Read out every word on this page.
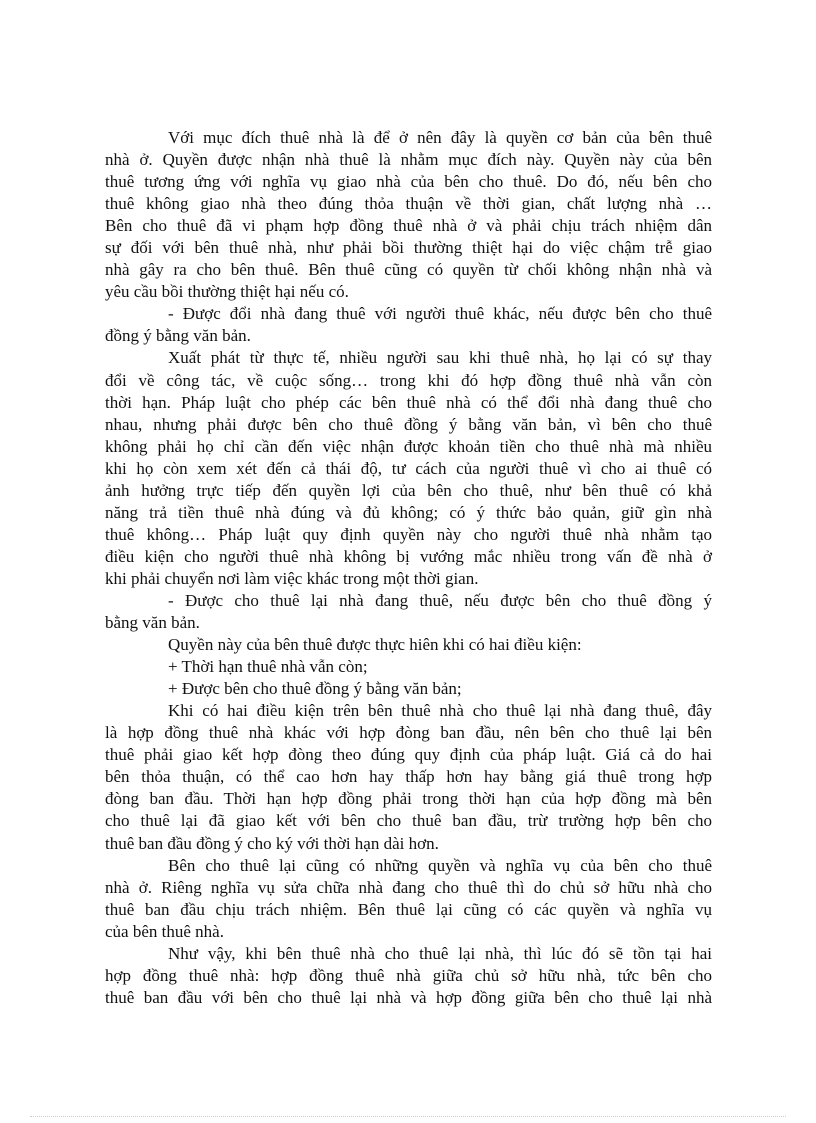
Với mục đích thuê nhà là để ở nên đây là quyền cơ bản của bên thuê
nhà ở. Quyền được nhận nhà thuê là nhằm mục đích này. Quyền này của bên
thuê tương ứng với nghĩa vụ giao nhà của bên cho thuê. Do đó, nếu bên cho
thuê không giao nhà theo đúng thỏa thuận về thời gian, chất lượng nhà …
Bên cho thuê đã vi phạm hợp đồng thuê nhà ở và phải chịu trách nhiệm dân
sự đối với bên thuê nhà, như phải bồi thường thiệt hại do việc chậm trễ giao
nhà gây ra cho bên thuê. Bên thuê cũng có quyền từ chối không nhận nhà và
yêu cầu bồi thường thiệt hại nếu có.
- Được đổi nhà đang thuê với người thuê khác, nếu được bên cho thuê
đồng ý bằng văn bản.
Xuất phát từ thực tế, nhiều người sau khi thuê nhà, họ lại có sự thay
đổi về công tác, về cuộc sống… trong khi đó hợp đồng thuê nhà vẫn còn
thời hạn. Pháp luật cho phép các bên thuê nhà có thể đổi nhà đang thuê cho
nhau, nhưng phải được bên cho thuê đồng ý bằng văn bản, vì bên cho thuê
không phải họ chỉ cần đến việc nhận được khoản tiền cho thuê nhà mà nhiều
khi họ còn xem xét đến cả thái độ, tư cách của người thuê vì cho ai thuê có
ảnh hưởng trực tiếp đến quyền lợi của bên cho thuê, như bên thuê có khả
năng trả tiền thuê nhà đúng và đủ không; có ý thức bảo quản, giữ gìn nhà
thuê không… Pháp luật quy định quyền này cho người thuê nhà nhằm tạo
điều kiện cho người thuê nhà không bị vướng mắc nhiều trong vấn đề nhà ở
khi phải chuyển nơi làm việc khác trong một thời gian.
- Được cho thuê lại nhà đang thuê, nếu được bên cho thuê đồng ý
bằng văn bản.
Quyền này của bên thuê được thực hiên khi có hai điều kiện:
+ Thời hạn thuê nhà vẫn còn;
+ Được bên cho thuê đồng ý bằng văn bản;
Khi có hai điều kiện trên bên thuê nhà cho thuê lại nhà đang thuê, đây
là hợp đồng thuê nhà khác với hợp đòng ban đầu, nên bên cho thuê lại bên
thuê phải giao kết hợp đòng theo đúng quy định của pháp luật. Giá cả do hai
bên thỏa thuận, có thể cao hơn hay thấp hơn hay bằng giá thuê trong hợp
đòng ban đầu. Thời hạn hợp đồng phải trong thời hạn của hợp đồng mà bên
cho thuê lại đã giao kết với bên cho thuê ban đầu, trừ trường hợp bên cho
thuê ban đầu đồng ý cho ký với thời hạn dài hơn.
Bên cho thuê lại cũng có những quyền và nghĩa vụ của bên cho thuê
nhà ở. Riêng nghĩa vụ sửa chữa nhà đang cho thuê thì do chủ sở hữu nhà cho
thuê ban đầu chịu trách nhiệm. Bên thuê lại cũng có các quyền và nghĩa vụ
của bên thuê nhà.
Như vậy, khi bên thuê nhà cho thuê lại nhà, thì lúc đó sẽ tồn tại hai
hợp đồng thuê nhà: hợp đồng thuê nhà giữa chủ sở hữu nhà, tức bên cho
thuê ban đầu với bên cho thuê lại nhà và hợp đồng giữa bên cho thuê lại nhà
